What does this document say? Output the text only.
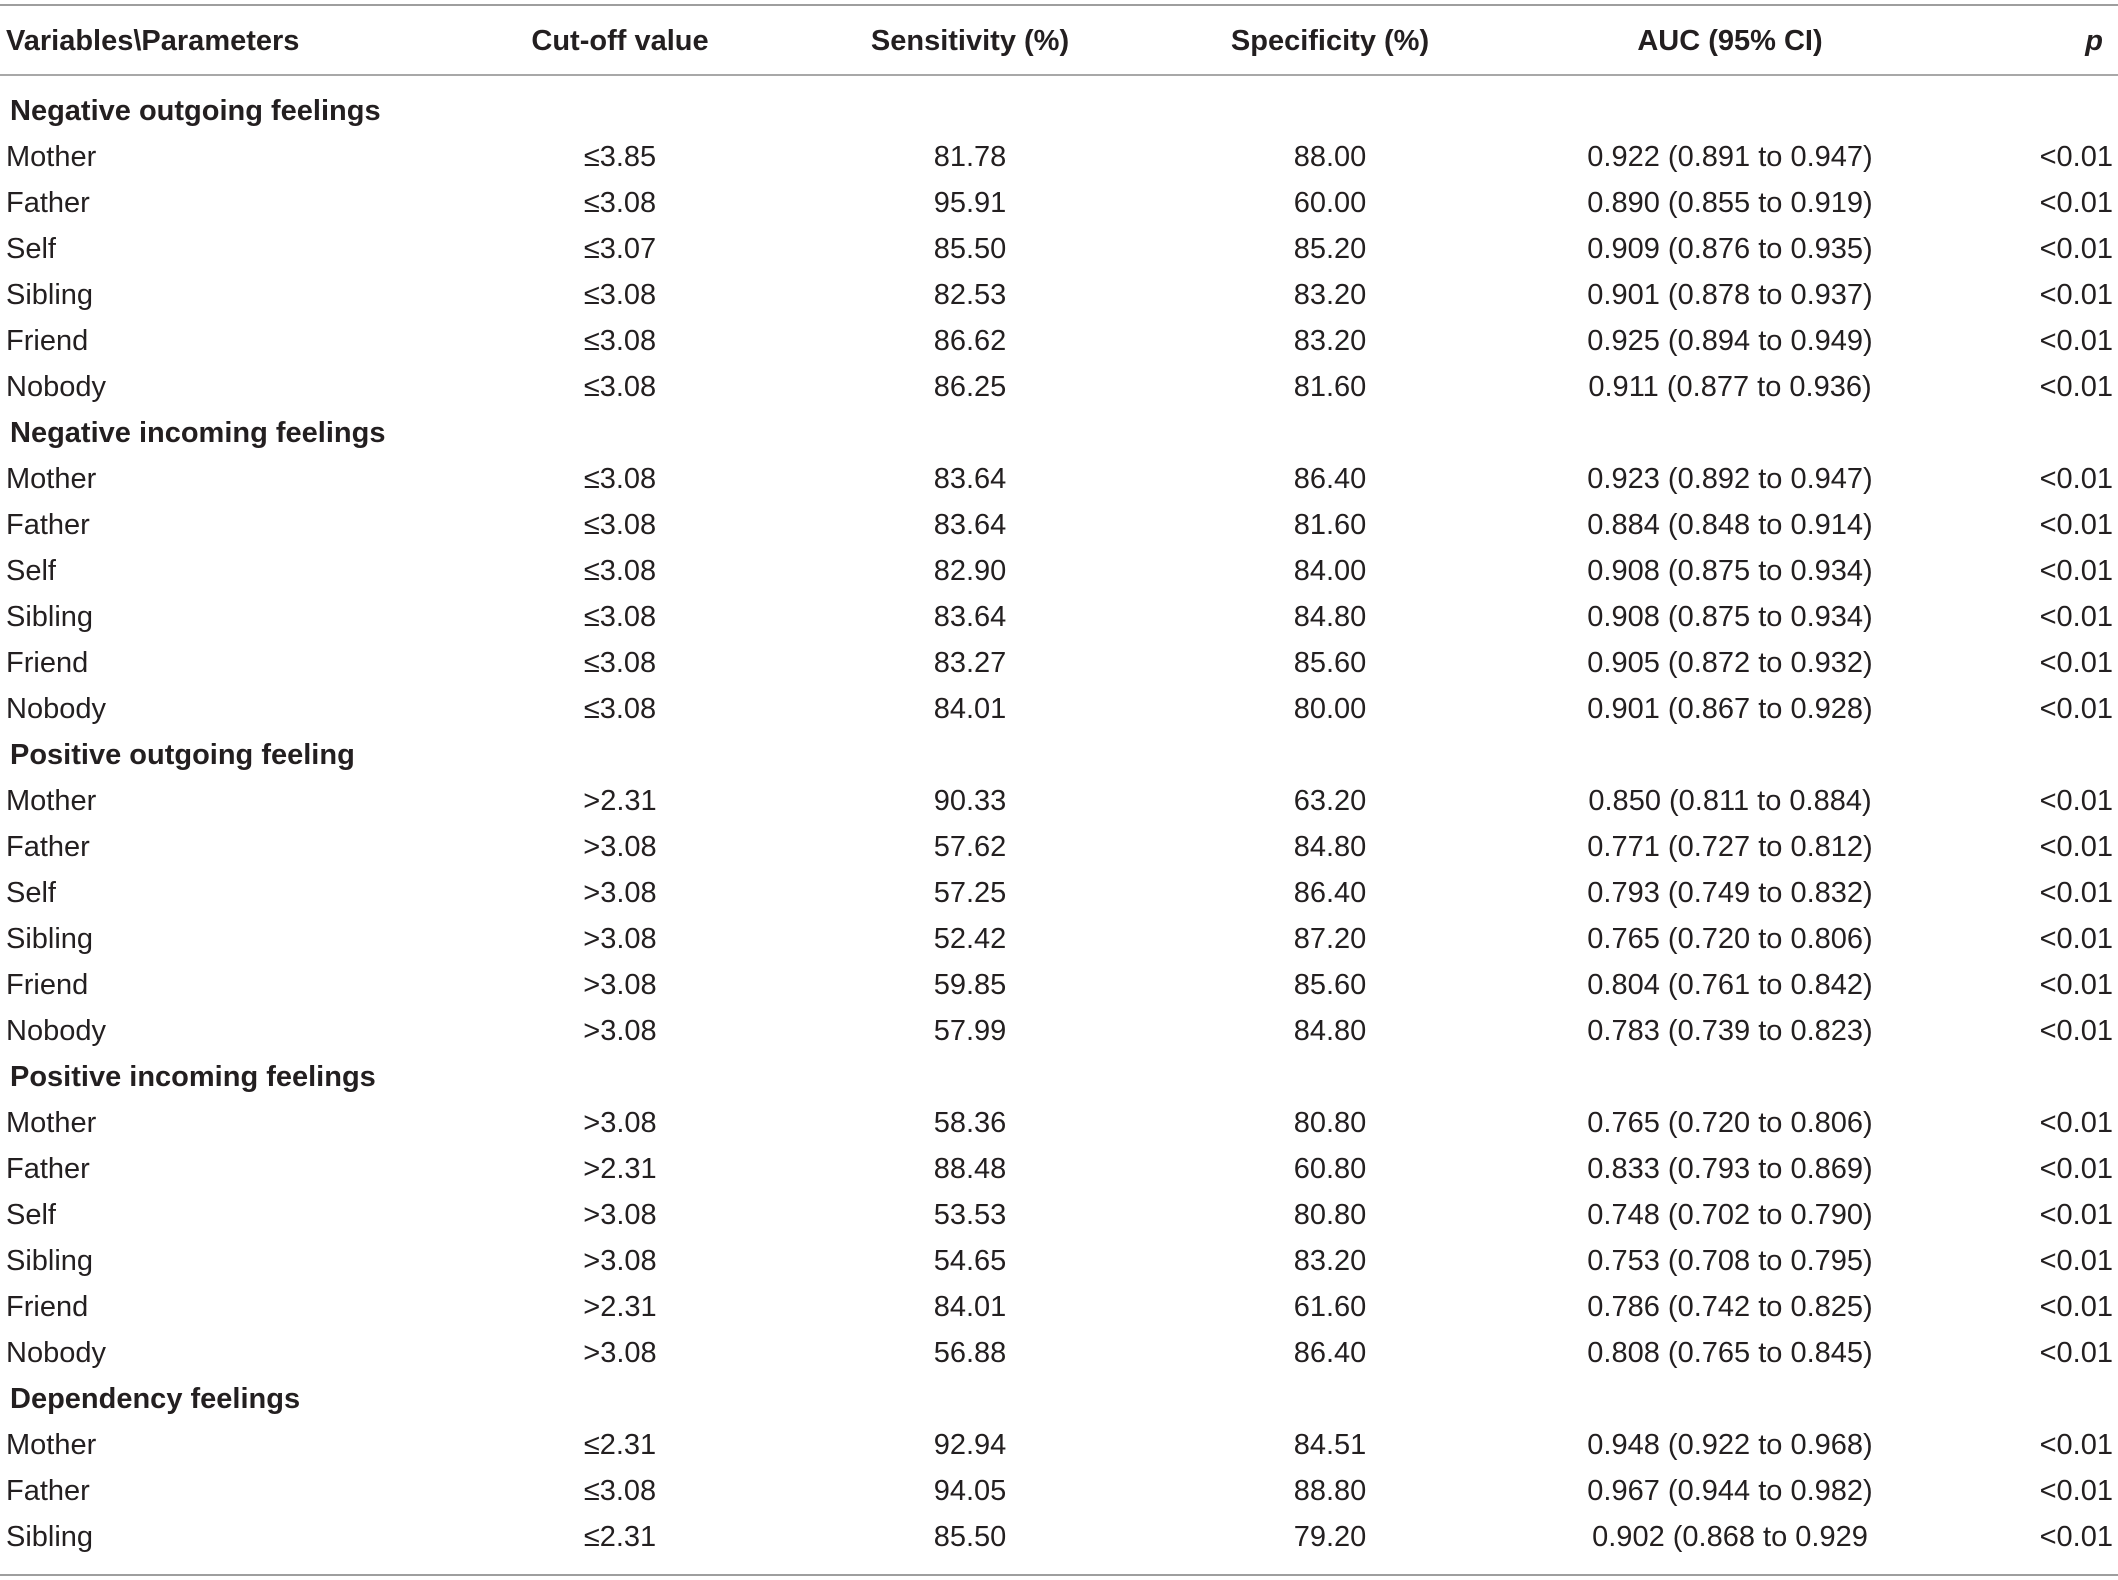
Variables\Parameters	Cut-off value	Sensitivity (%)	Specificity (%)	AUC (95% CI)	p
Negative outgoing feelings
Mother	≤3.85	81.78	88.00	0.922 (0.891 to 0.947)	<0.01
Father	≤3.08	95.91	60.00	0.890 (0.855 to 0.919)	<0.01
Self	≤3.07	85.50	85.20	0.909 (0.876 to 0.935)	<0.01
Sibling	≤3.08	82.53	83.20	0.901 (0.878 to 0.937)	<0.01
Friend	≤3.08	86.62	83.20	0.925 (0.894 to 0.949)	<0.01
Nobody	≤3.08	86.25	81.60	0.911 (0.877 to 0.936)	<0.01
Negative incoming feelings
Mother	≤3.08	83.64	86.40	0.923 (0.892 to 0.947)	<0.01
Father	≤3.08	83.64	81.60	0.884 (0.848 to 0.914)	<0.01
Self	≤3.08	82.90	84.00	0.908 (0.875 to 0.934)	<0.01
Sibling	≤3.08	83.64	84.80	0.908 (0.875 to 0.934)	<0.01
Friend	≤3.08	83.27	85.60	0.905 (0.872 to 0.932)	<0.01
Nobody	≤3.08	84.01	80.00	0.901 (0.867 to 0.928)	<0.01
Positive outgoing feeling
Mother	>2.31	90.33	63.20	0.850 (0.811 to 0.884)	<0.01
Father	>3.08	57.62	84.80	0.771 (0.727 to 0.812)	<0.01
Self	>3.08	57.25	86.40	0.793 (0.749 to 0.832)	<0.01
Sibling	>3.08	52.42	87.20	0.765 (0.720 to 0.806)	<0.01
Friend	>3.08	59.85	85.60	0.804 (0.761 to 0.842)	<0.01
Nobody	>3.08	57.99	84.80	0.783 (0.739 to 0.823)	<0.01
Positive incoming feelings
Mother	>3.08	58.36	80.80	0.765 (0.720 to 0.806)	<0.01
Father	>2.31	88.48	60.80	0.833 (0.793 to 0.869)	<0.01
Self	>3.08	53.53	80.80	0.748 (0.702 to 0.790)	<0.01
Sibling	>3.08	54.65	83.20	0.753 (0.708 to 0.795)	<0.01
Friend	>2.31	84.01	61.60	0.786 (0.742 to 0.825)	<0.01
Nobody	>3.08	56.88	86.40	0.808 (0.765 to 0.845)	<0.01
Dependency feelings
Mother	≤2.31	92.94	84.51	0.948 (0.922 to 0.968)	<0.01
Father	≤3.08	94.05	88.80	0.967 (0.944 to 0.982)	<0.01
Sibling	≤2.31	85.50	79.20	0.902 (0.868 to 0.929	<0.01
